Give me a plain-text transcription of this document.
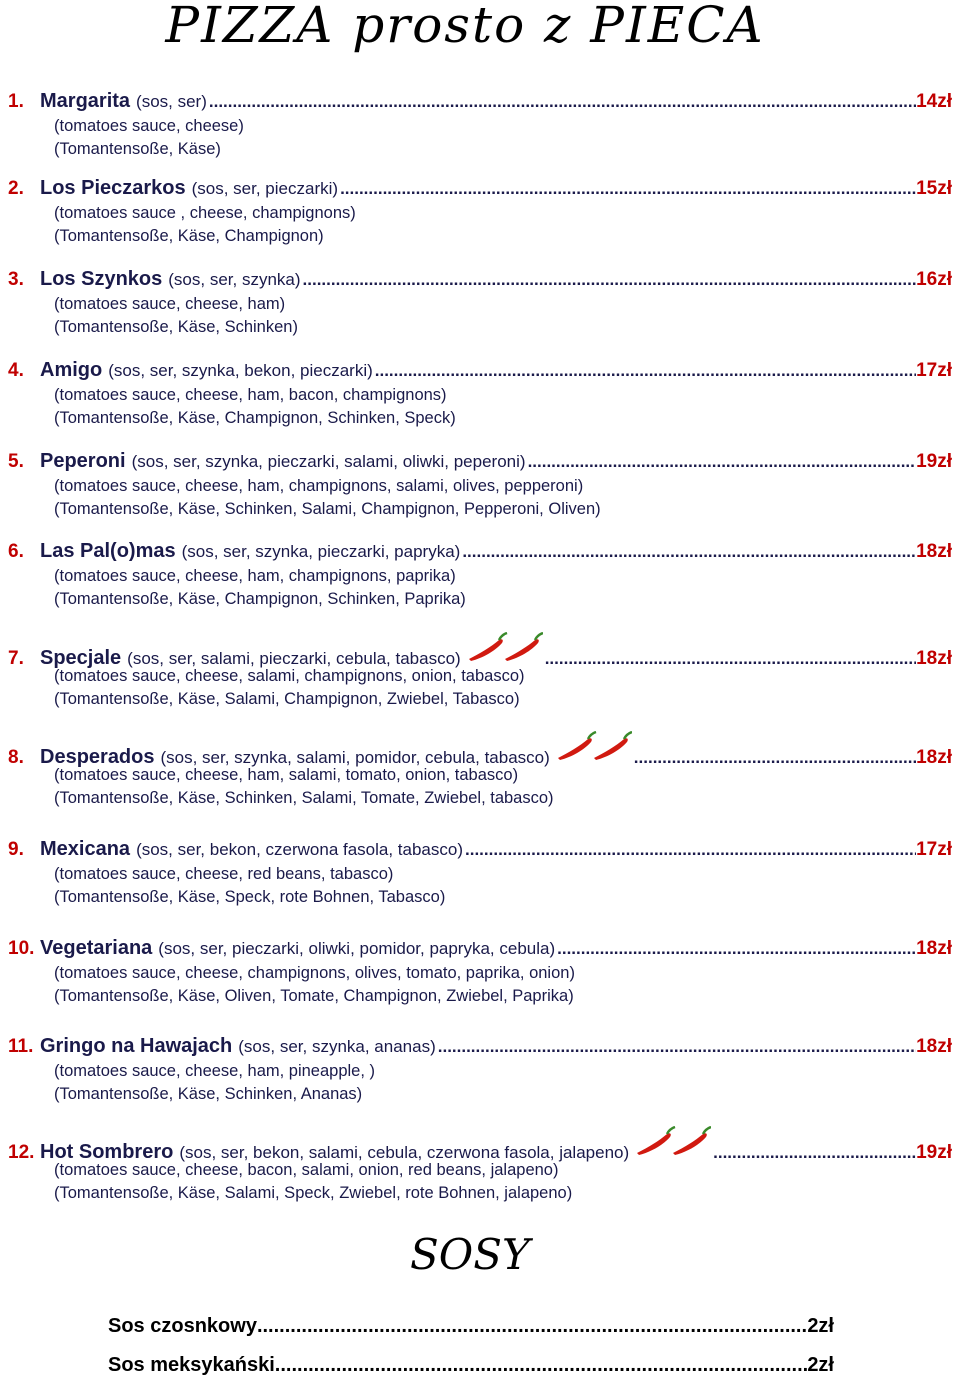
PIZZA prosto z PIECA
1. Margarita (sos, ser) .....	14zł
(tomatoes sauce, cheese)
(Tomantensoße, Käse)
2. Los Pieczarkos (sos, ser, pieczarki) .....	15zł
(tomatoes sauce , cheese, champignons)
(Tomantensoße, Käse, Champignon)
3. Los Szynkos (sos, ser, szynka) .....	16zł
(tomatoes sauce, cheese, ham)
(Tomantensoße, Käse, Schinken)
4. Amigo (sos, ser, szynka, bekon, pieczarki) .....	17zł
(tomatoes sauce, cheese, ham, bacon, champignons)
(Tomantensoße, Käse, Champignon, Schinken, Speck)
5. Peperoni (sos, ser, szynka, pieczarki, salami, oliwki, peperoni) .....	19zł
(tomatoes sauce, cheese, ham, champignons, salami, olives, pepperoni)
(Tomantensoße, Käse, Schinken, Salami, Champignon, Pepperoni, Oliven)
6. Las Pal(o)mas (sos, ser, szynka, pieczarki, papryka) .....	18zł
(tomatoes sauce, cheese, ham, champignons, paprika)
(Tomantensoße, Käse, Champignon, Schinken, Paprika)
7. Specjale (sos, ser, salami, pieczarki, cebula, tabasco) .....	18zł
(tomatoes sauce, cheese, salami, champignons, onion, tabasco)
(Tomantensoße, Käse, Salami, Champignon, Zwiebel, Tabasco)
8. Desperados (sos, ser, szynka, salami, pomidor, cebula, tabasco) .....	18zł
(tomatoes sauce, cheese, ham, salami, tomato, onion, tabasco)
(Tomantensoße, Käse, Schinken, Salami, Tomate, Zwiebel, tabasco)
9. Mexicana (sos, ser, bekon, czerwona fasola, tabasco) .....	17zł
(tomatoes sauce, cheese, red beans, tabasco)
(Tomantensoße, Käse, Speck, rote Bohnen, Tabasco)
10. Vegetariana (sos, ser, pieczarki, oliwki, pomidor, papryka, cebula) .....	18zł
(tomatoes sauce, cheese, champignons, olives, tomato, paprika, onion)
(Tomantensoße, Käse, Oliven, Tomate, Champignon, Zwiebel, Paprika)
11. Gringo na Hawajach (sos, ser, szynka, ananas) .....	18zł
(tomatoes sauce, cheese, ham, pineapple, )
(Tomantensoße, Käse, Schinken, Ananas)
12. Hot Sombrero (sos, ser, bekon, salami, cebula, czerwona fasola, jalapeno) .....	19zł
(tomatoes sauce, cheese, bacon, salami, onion, red beans, jalapeno)
(Tomantensoße, Käse, Salami, Speck, Zwiebel, rote Bohnen, jalapeno)
SOSY
Sos czosnkowy .....	2zł
Sos meksykański .....	2zł
